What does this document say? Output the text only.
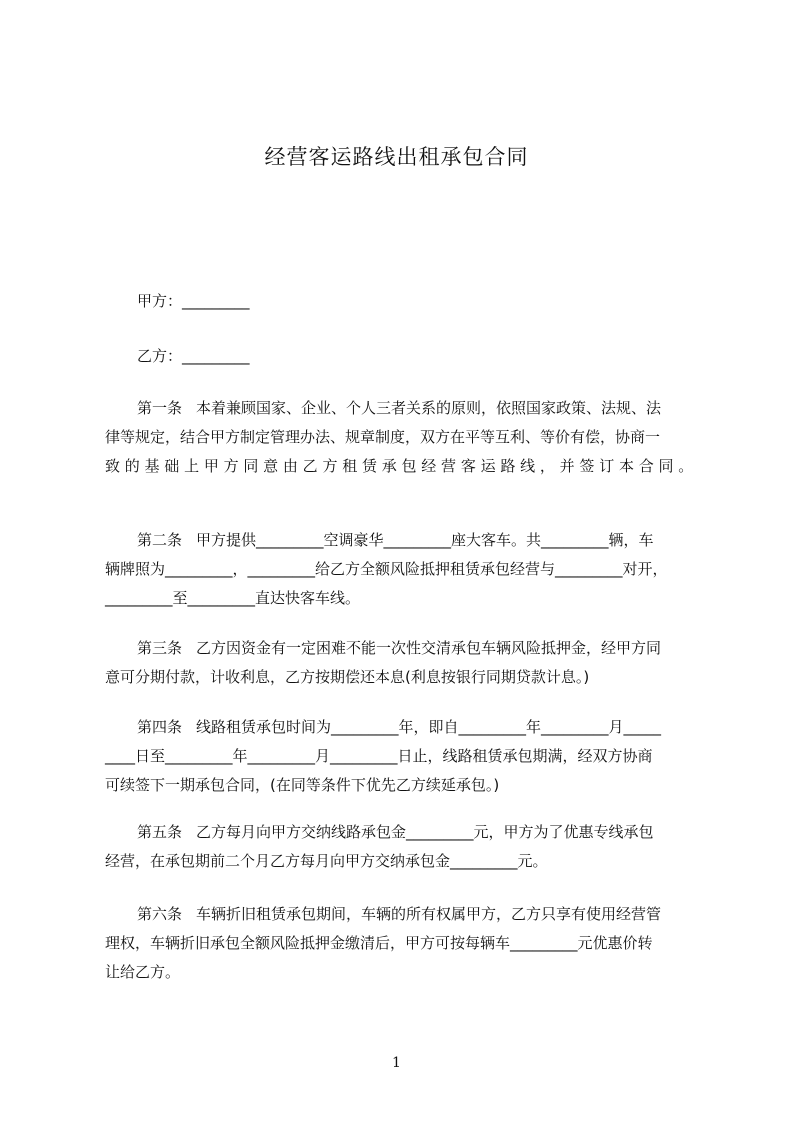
经营客运路线出租承包合同
甲方：_________
乙方：_________
第一条 本着兼顾国家、企业、个人三者关系的原则，依照国家政策、法规、法
律等规定，结合甲方制定管理办法、规章制度，双方在平等互利、等价有偿，协商一
致 的 基 础 上 甲 方 同 意 由 乙 方 租 赁 承 包 经 营 客 运 路 线 ， 并 签 订 本 合 同 。
第二条 甲方提供_________空调豪华_________座大客车。共_________辆，车
辆牌照为_________，_________给乙方全额风险抵押租赁承包经营与_________对开，
_________至_________直达快客车线。
第三条 乙方因资金有一定困难不能一次性交清承包车辆风险抵押金，经甲方同
意可分期付款，计收利息，乙方按期偿还本息(利息按银行同期贷款计息。)
第四条 线路租赁承包时间为_________年，即自_________年_________月_____
____日至_________年_________月_________日止，线路租赁承包期满，经双方协商
可续签下一期承包合同，(在同等条件下优先乙方续延承包。)
第五条 乙方每月向甲方交纳线路承包金_________元，甲方为了优惠专线承包
经营，在承包期前二个月乙方每月向甲方交纳承包金_________元。
第六条 车辆折旧租赁承包期间，车辆的所有权属甲方，乙方只享有使用经营管
理权，车辆折旧承包全额风险抵押金缴清后，甲方可按每辆车_________元优惠价转
让给乙方。
1
